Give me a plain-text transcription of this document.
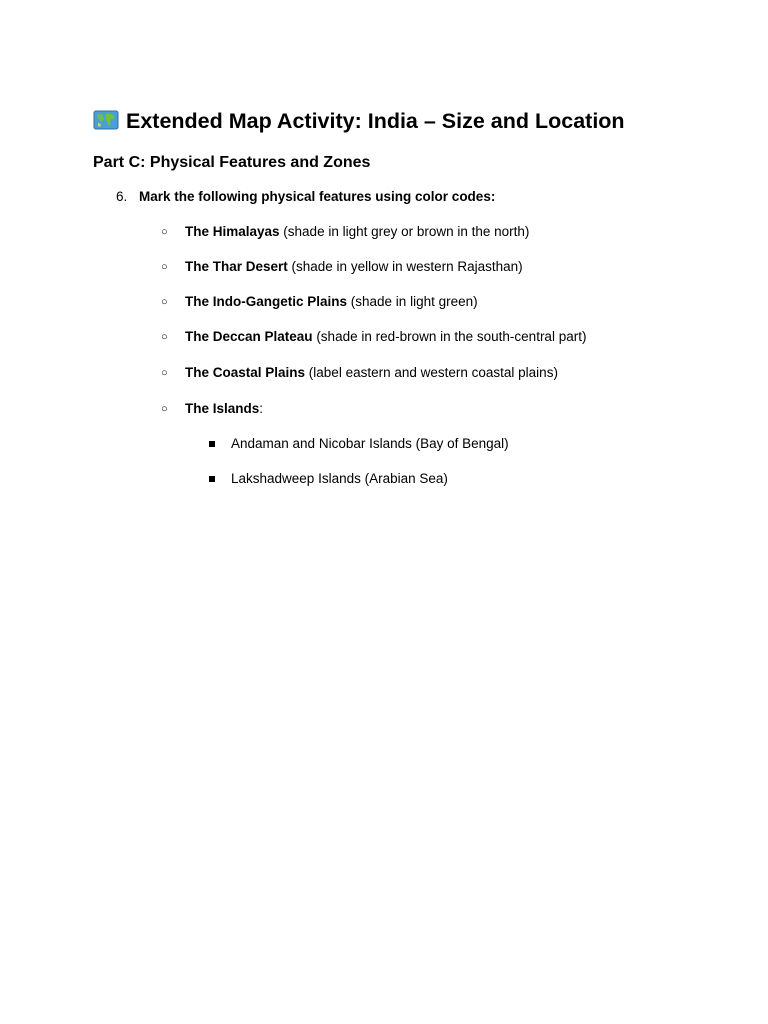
Extended Map Activity: India – Size and Location
Part C: Physical Features and Zones
6. Mark the following physical features using color codes:
○	The Himalayas (shade in light grey or brown in the north)
○	The Thar Desert (shade in yellow in western Rajasthan)
○	The Indo-Gangetic Plains (shade in light green)
○	The Deccan Plateau (shade in red-brown in the south-central part)
○	The Coastal Plains (label eastern and western coastal plains)
○	The Islands:
Andaman and Nicobar Islands (Bay of Bengal)
Lakshadweep Islands (Arabian Sea)
